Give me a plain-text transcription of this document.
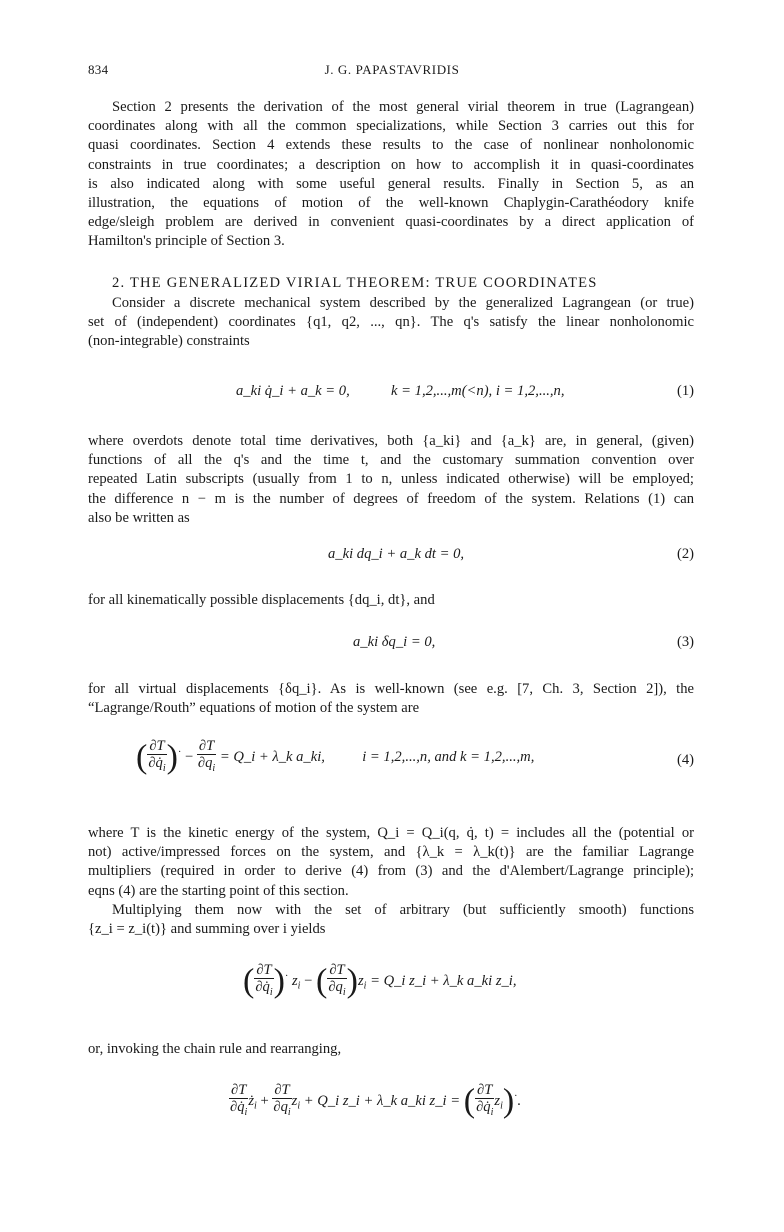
834	J. G. PAPASTAVRIDIS
Section 2 presents the derivation of the most general virial theorem in true (Lagrangean)
coordinates along with all the common specializations, while Section 3 carries out this for
quasi coordinates. Section 4 extends these results to the case of nonlinear nonholonomic
constraints in true coordinates; a description on how to accomplish it in quasi-coordinates
is also indicated along with some useful general results. Finally in Section 5, as an
illustration, the equations of motion of the well-known Chaplygin-Carathéodory knife
edge/sleigh problem are derived in convenient quasi-coordinates by a direct application of
Hamilton's principle of Section 3.
2. THE GENERALIZED VIRIAL THEOREM: TRUE COORDINATES
Consider a discrete mechanical system described by the generalized Lagrangean (or true)
set of (independent) coordinates {q1, q2, ..., qn}. The q's satisfy the linear nonholonomic
(non-integrable) constraints
a_ki q̇_i + a_k = 0,	k = 1,2,...,m(<n), i = 1,2,...,n,	(1)
where overdots denote total time derivatives, both {a_ki} and {a_k} are, in general, (given)
functions of all the q's and the time t, and the customary summation convention over
repeated Latin subscripts (usually from 1 to n, unless indicated otherwise) will be employed;
the difference n − m is the number of degrees of freedom of the system. Relations (1) can
also be written as
a_ki dq_i + a_k dt = 0,	(2)
for all kinematically possible displacements {dq_i, dt}, and
a_ki δq_i = 0,	(3)
for all virtual displacements {δq_i}. As is well-known (see e.g. [7, Ch. 3, Section 2]), the
“Lagrange/Routh” equations of motion of the system are
( $\frac{\partial T}{\partial q̇_i} )^\cdot - \frac{\partial T}{\partial q_i}$ = Q_i + λ_k a_ki,	i = 1,2,...,n, and k = 1,2,...,m,	(4)
where T is the kinetic energy of the system, Q_i = Q_i(q, q̇, t) = includes all the (potential or
not) active/impressed forces on the system, and {λ_k = λ_k(t)} are the familiar Lagrange
multipliers (required in order to derive (4) from (3) and the d'Alembert/Lagrange principle);
eqns (4) are the starting point of this section.
Multiplying them now with the set of arbitrary (but sufficiently smooth) functions
{z_i = z_i(t)} and summing over i yields
( $\frac{\partial T}{\partial q̇_i} )^\cdot$ $z_i$ − ( $\frac{\partial T}{\partial q_i} )z_i$ = Q_i z_i + λ_k a_ki z_i,
or, invoking the chain rule and rearranging,
$\frac{\partial T}{\partial q̇_i}$ $ż_i + \frac{\partial T}{\partial q_i} z_i$ + Q_i z_i + λ_k a_ki z_i = ( $\frac{\partial T}{\partial q̇_i} z_i)^\cdot$.
